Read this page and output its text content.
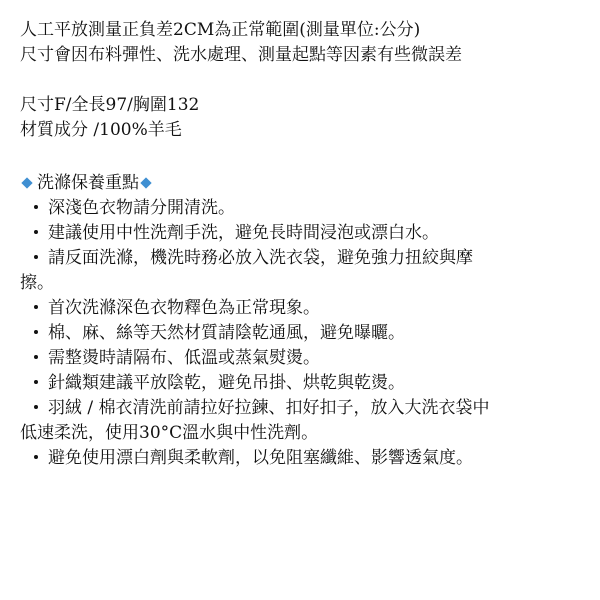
人工平放測量正負差2CM為正常範圍(測量單位:公分)

尺寸會因布料彈性、洗水處理、測量起點等因素有些微誤差

尺寸F/全長97/胸圍132

材質成分 /100%羊毛

洗滌保養重點
深淺色衣物請分開清洗。
建議使用中性洗劑手洗，避免長時間浸泡或漂白水。
請反面洗滌，機洗時務必放入洗衣袋，避免強力扭絞與摩
擦。
首次洗滌深色衣物釋色為正常現象。
棉、麻、絲等天然材質請陰乾通風，避免曝曬。
需整燙時請隔布、低溫或蒸氣熨燙。
針織類建議平放陰乾，避免吊掛、烘乾與乾燙。
羽絨 / 棉衣清洗前請拉好拉鍊、扣好扣子，放入大洗衣袋中
低速柔洗，使用30°C溫水與中性洗劑。
避免使用漂白劑與柔軟劑，以免阻塞纖維、影響透氣度。
